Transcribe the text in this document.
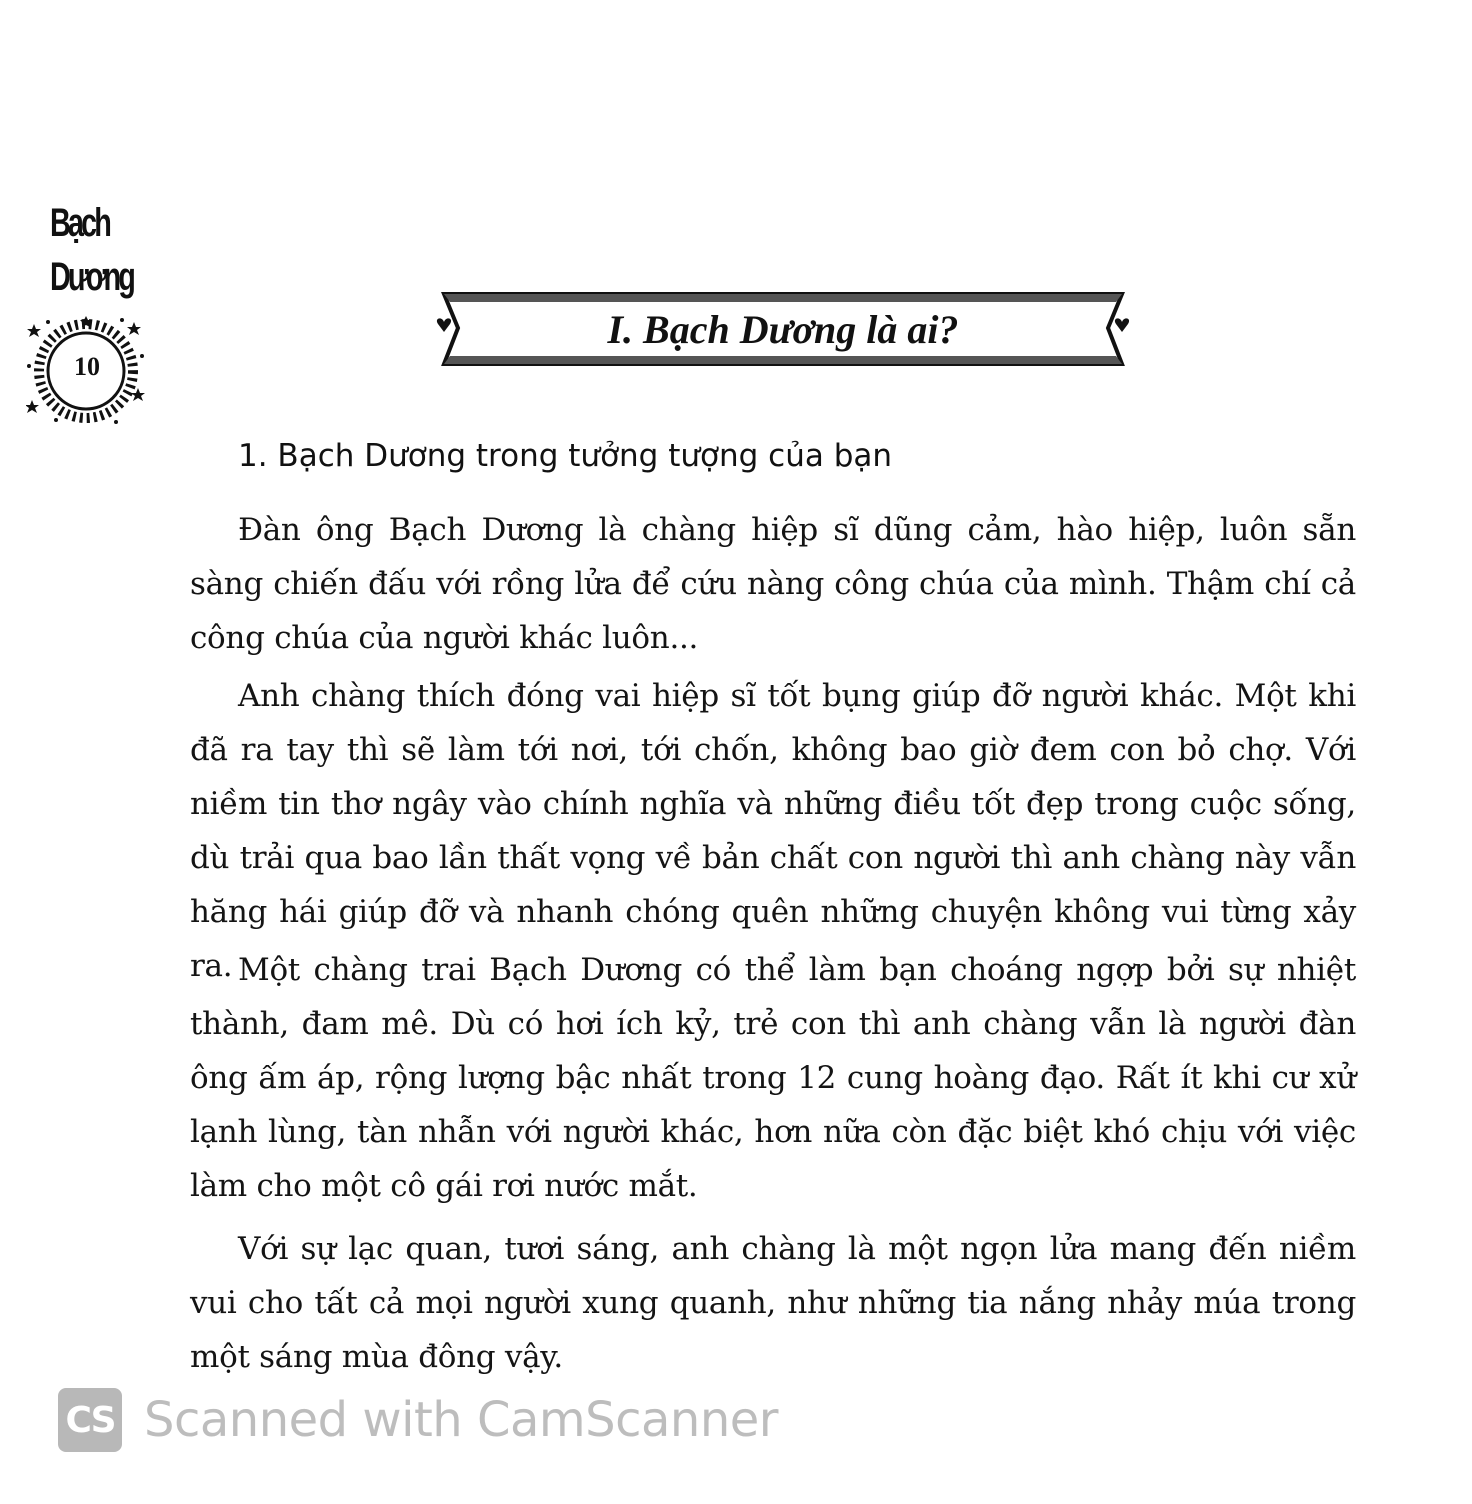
Bạch
Dương
10
I. Bạch Dương là ai?
1. Bạch Dương trong tưởng tượng của bạn
Đàn ông Bạch Dương là chàng hiệp sĩ dũng cảm, hào hiệp, luôn sẵn sàng chiến đấu với rồng lửa để cứu nàng công chúa của mình. Thậm chí cả công chúa của người khác luôn...
Anh chàng thích đóng vai hiệp sĩ tốt bụng giúp đỡ người khác. Một khi đã ra tay thì sẽ làm tới nơi, tới chốn, không bao giờ đem con bỏ chợ. Với niềm tin thơ ngây vào chính nghĩa và những điều tốt đẹp trong cuộc sống, dù trải qua bao lần thất vọng về bản chất con người thì anh chàng này vẫn hăng hái giúp đỡ và nhanh chóng quên những chuyện không vui từng xảy ra. Một chàng trai Bạch Dương có thể làm bạn choáng ngợp bởi sự nhiệt thành, đam mê. Dù có hơi ích kỷ, trẻ con thì anh chàng vẫn là người đàn ông ấm áp, rộng lượng bậc nhất trong 12 cung hoàng đạo. Rất ít khi cư xử lạnh lùng, tàn nhẫn với người khác, hơn nữa còn đặc biệt khó chịu với việc làm cho một cô gái rơi nước mắt.
Với sự lạc quan, tươi sáng, anh chàng là một ngọn lửa mang đến niềm vui cho tất cả mọi người xung quanh, như những tia nắng nhảy múa trong một sáng mùa đông vậy.
CS Scanned with CamScanner
